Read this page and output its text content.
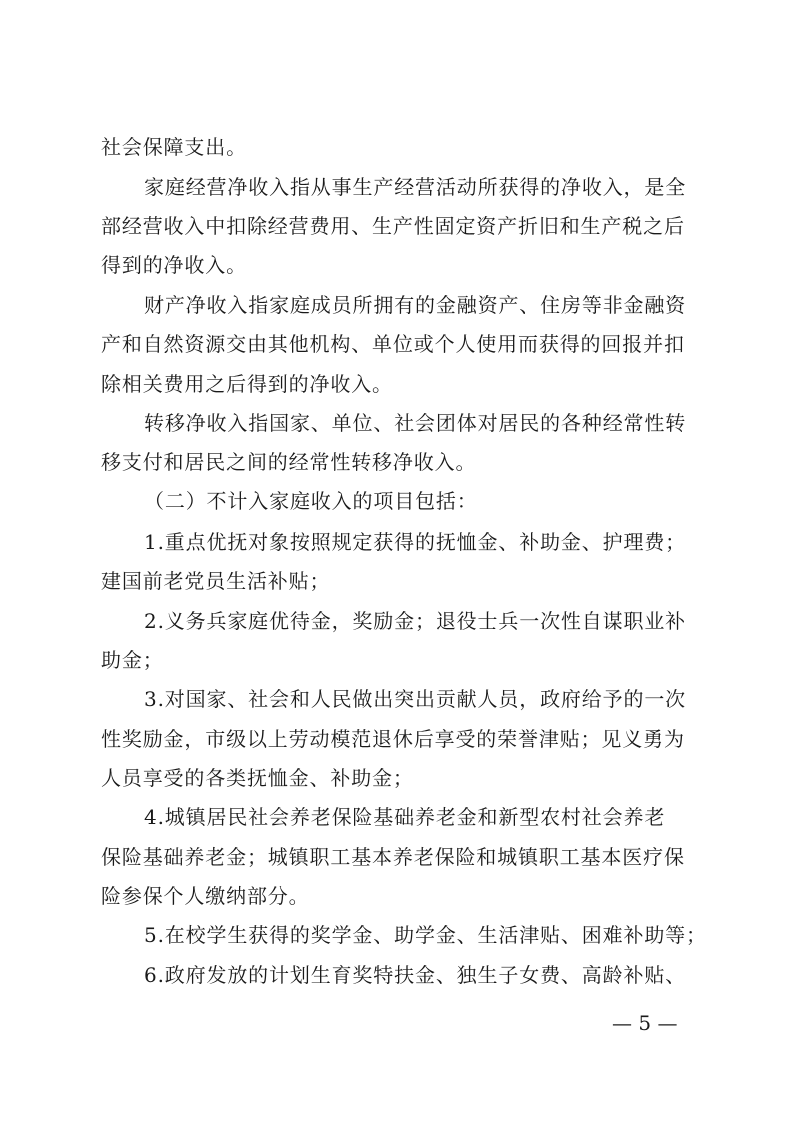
社会保障支出。
家庭经营净收入指从事生产经营活动所获得的净收入，是全
部经营收入中扣除经营费用、生产性固定资产折旧和生产税之后
得到的净收入。
财产净收入指家庭成员所拥有的金融资产、住房等非金融资
产和自然资源交由其他机构、单位或个人使用而获得的回报并扣
除相关费用之后得到的净收入。
转移净收入指国家、单位、社会团体对居民的各种经常性转
移支付和居民之间的经常性转移净收入。
（二）不计入家庭收入的项目包括：
1.重点优抚对象按照规定获得的抚恤金、补助金、护理费；
建国前老党员生活补贴；
2.义务兵家庭优待金，奖励金；退役士兵一次性自谋职业补
助金；
3.对国家、社会和人民做出突出贡献人员，政府给予的一次
性奖励金，市级以上劳动模范退休后享受的荣誉津贴；见义勇为
人员享受的各类抚恤金、补助金；
4.城镇居民社会养老保险基础养老金和新型农村社会养老
保险基础养老金；城镇职工基本养老保险和城镇职工基本医疗保
险参保个人缴纳部分。
5.在校学生获得的奖学金、助学金、生活津贴、困难补助等；
6.政府发放的计划生育奖特扶金、独生子女费、高龄补贴、
— 5 —
